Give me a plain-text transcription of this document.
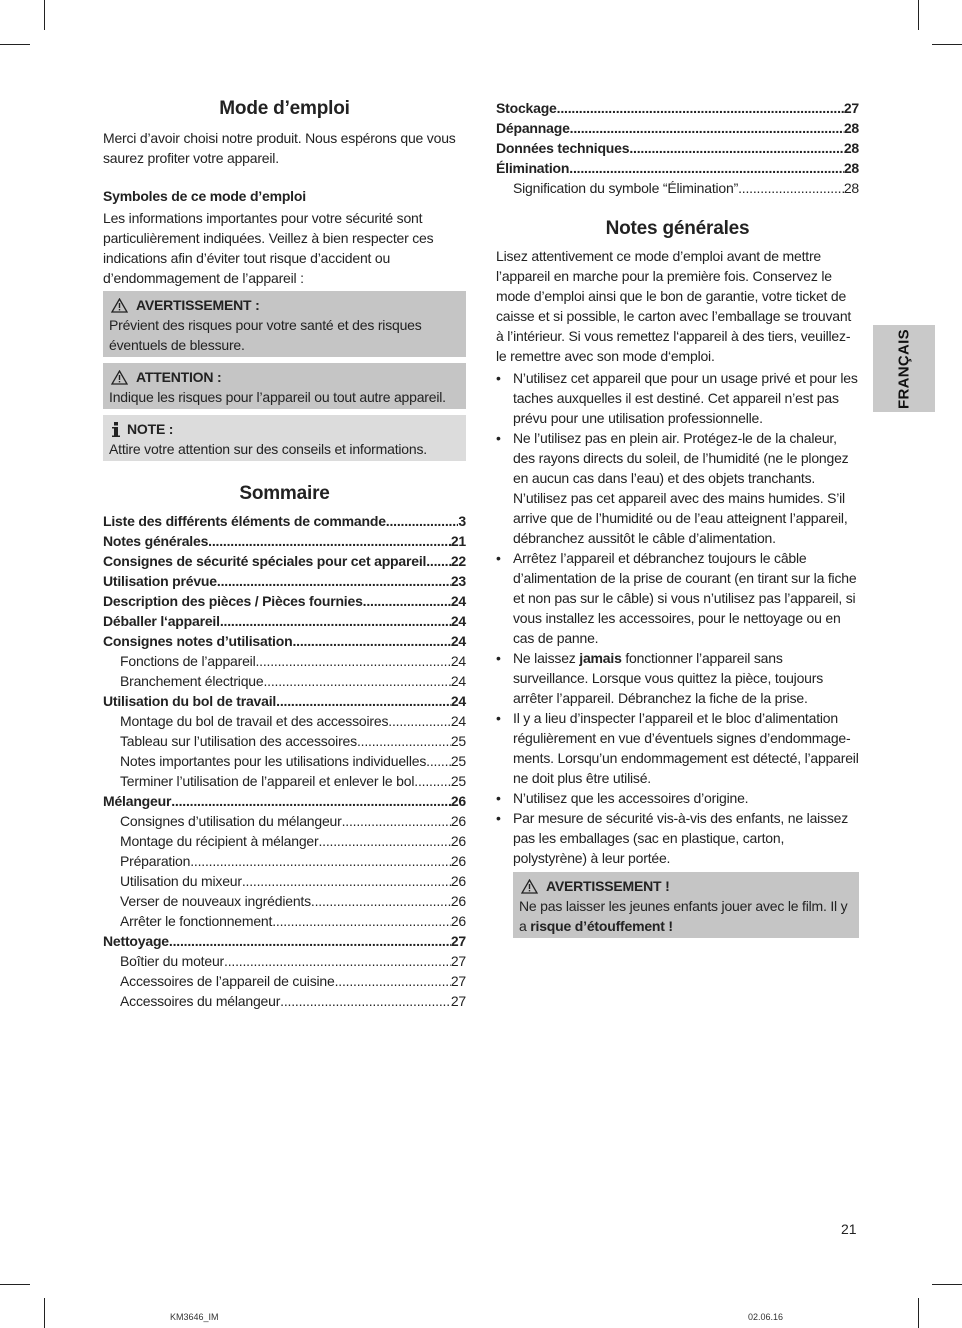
Mode d’emploi

Merci d’avoir choisi notre produit. Nous espérons que vous saurez profiter votre appareil.

Symboles de ce mode d’emploi

Les informations importantes pour votre sécurité sont particulièrement indiquées. Veillez à bien respecter ces indications afin d’éviter tout risque d’accident ou d’endommagement de l’appareil :

AVERTISSEMENT :

Prévient des risques pour votre santé et des risques éventuels de blessure.

ATTENTION :

Indique les risques pour l’appareil ou tout autre appareil.

NOTE :

Attire votre attention sur des conseils et informations.

Sommaire
Liste des différents éléments de commande .....	3
Notes générales .....	21
Consignes de sécurité spéciales pour cet appareil ..... 22
Utilisation prévue .....	23
Description des pièces / Pièces fournies .....	24
Déballer l‘appareil .....	24
Consignes notes d’utilisation .....	24
Fonctions de l’appareil .....	24
Branchement électrique .....	24
Utilisation du bol de travail .....	24
Montage du bol de travail et des accessoires .....	24
Tableau sur l’utilisation des accessoires .....	25
Notes importantes pour les utilisations individuelles ..... 25
Terminer l’utilisation de l’appareil et enlever le bol .....	25
Mélangeur .....	26
Consignes d’utilisation du mélangeur .....	26
Montage du récipient à mélanger .....	26
Préparation .....	26
Utilisation du mixeur .....	26
Verser de nouveaux ingrédients .....	26
Arrêter le fonctionnement .....	26
Nettoyage .....	27
Boîtier du moteur .....	27
Accessoires de l’appareil de cuisine .....	27
Accessoires du mélangeur .....	27
Stockage .....	27
Dépannage .....	28
Données techniques .....	28
Élimination .....	28
Signification du symbole “Élimination” .....	28
Notes générales

Lisez attentivement ce mode d’emploi avant de mettre l’appareil en marche pour la première fois. Conservez le mode d’emploi ainsi que le bon de garantie, votre ticket de caisse et si possible, le carton avec l’emballage se trouvant à l’intérieur. Si vous remettez l‘appareil à des tiers, veuillez-le remettre avec son mode d‘emploi.

• N’utilisez cet appareil que pour un usage privé et pour les taches auxquelles il est destiné. Cet appareil n’est pas prévu pour une utilisation professionnelle.
• Ne l’utilisez pas en plein air. Protégez-le de la chaleur, des rayons directs du soleil, de l’humidité (ne le plongez en aucun cas dans l’eau) et des objets tranchants. N’utilisez pas cet appareil avec des mains humides. S’il arrive que de l’humidité ou de l’eau atteignent l’appareil, débranchez aussitôt le câble d’alimentation.
• Arrêtez l’appareil et débranchez toujours le câble d’alimentation de la prise de courant (en tirant sur la fiche et non pas sur le câble) si vous n’utilisez pas l’appareil, si vous installez les accessoires, pour le nettoyage ou en cas de panne.
• Ne laissez jamais fonctionner l’appareil sans surveillance. Lorsque vous quittez la pièce, toujours arrêter l’appareil. Débranchez la fiche de la prise.
• Il y a lieu d’inspecter l’appareil et le bloc d’alimentation régulièrement en vue d’éventuels signes d’endommagements. Lorsqu’un endommagement est détecté, l’appareil ne doit plus être utilisé.
• N’utilisez que les accessoires d’origine.
• Par mesure de sécurité vis-à-vis des enfants, ne laissez pas les emballages (sac en plastique, carton, polystyrène) à leur portée.
AVERTISSEMENT !

Ne pas laisser les jeunes enfants jouer avec le film. Il y a risque d’étouffement !

FRANÇAIS
21
KM3646_IM	02.06.16
